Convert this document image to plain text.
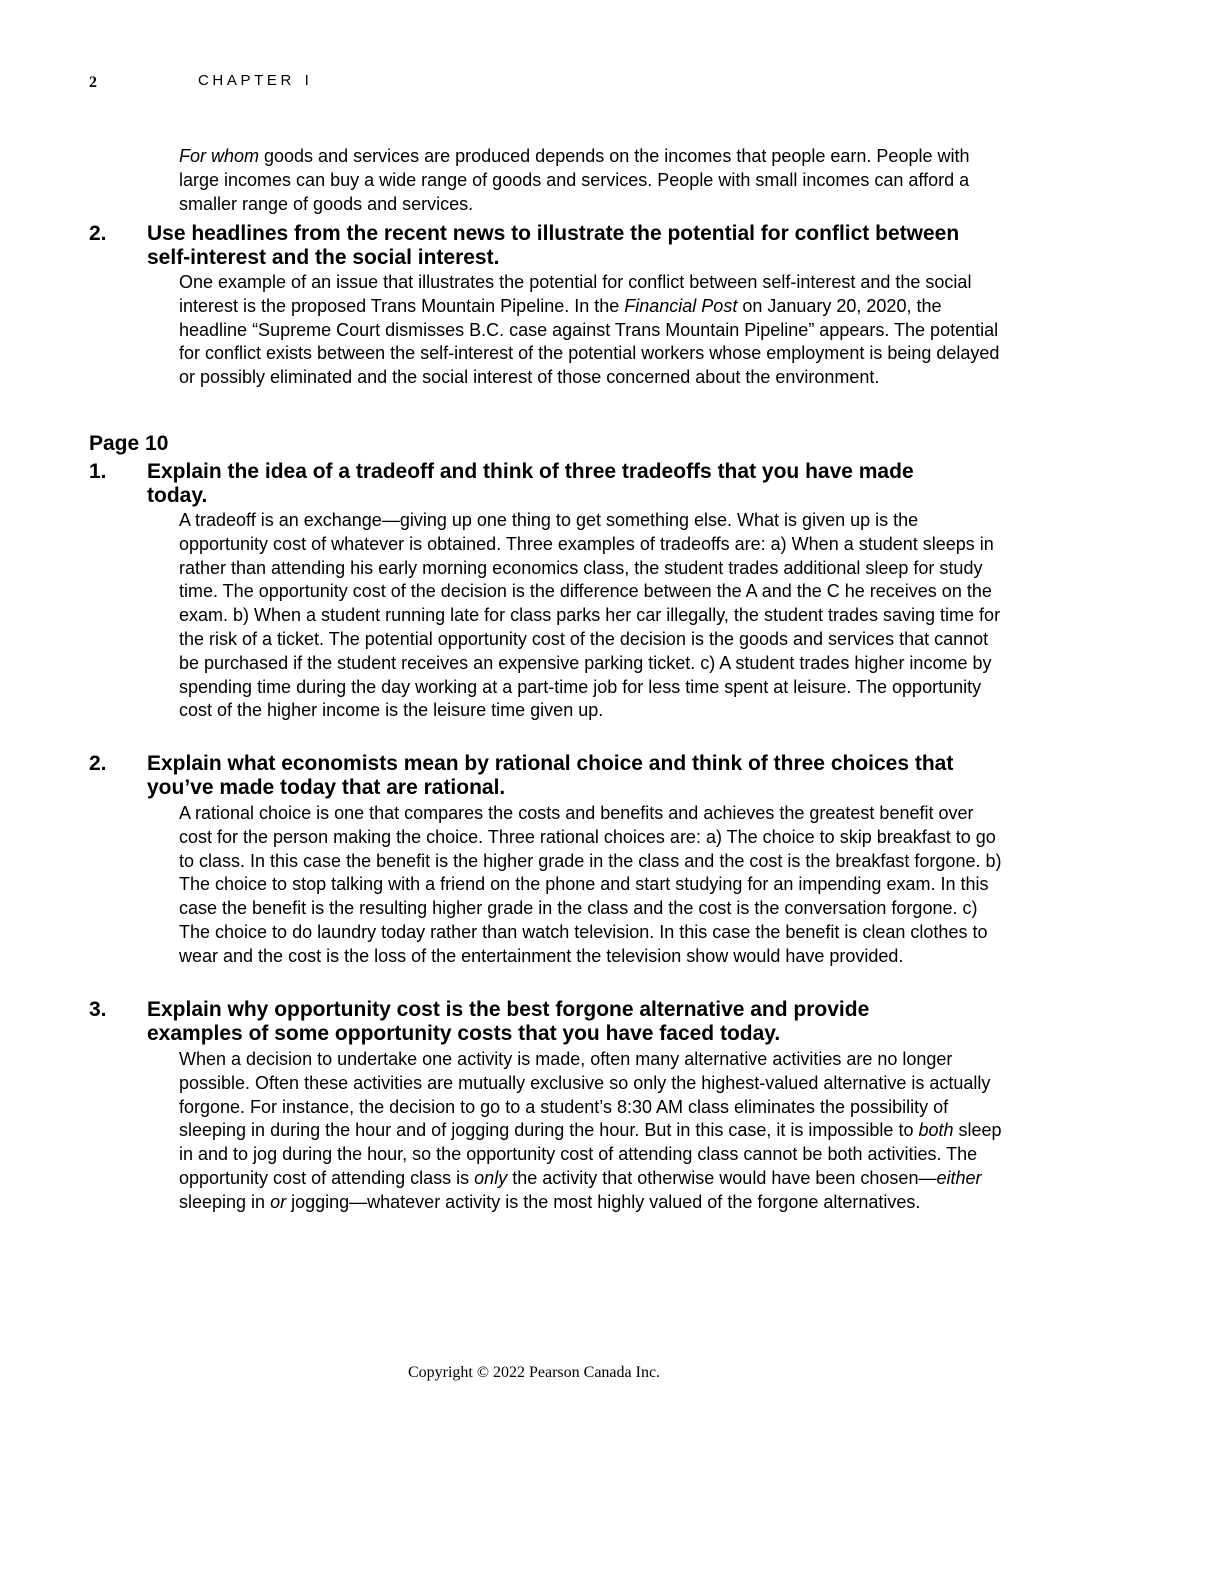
2	CHAPTER I

For whom goods and services are produced depends on the incomes that people earn. People with large incomes can buy a wide range of goods and services. People with small incomes can afford a smaller range of goods and services.

2. Use headlines from the recent news to illustrate the potential for conflict between self-interest and the social interest.

One example of an issue that illustrates the potential for conflict between self-interest and the social interest is the proposed Trans Mountain Pipeline. In the Financial Post on January 20, 2020, the headline “Supreme Court dismisses B.C. case against Trans Mountain Pipeline” appears. The potential for conflict exists between the self-interest of the potential workers whose employment is being delayed or possibly eliminated and the social interest of those concerned about the environment.

Page 10
1. Explain the idea of a tradeoff and think of three tradeoffs that you have made today.

A tradeoff is an exchange—giving up one thing to get something else. What is given up is the opportunity cost of whatever is obtained. Three examples of tradeoffs are: a) When a student sleeps in rather than attending his early morning economics class, the student trades additional sleep for study time. The opportunity cost of the decision is the difference between the A and the C he receives on the exam. b) When a student running late for class parks her car illegally, the student trades saving time for the risk of a ticket. The potential opportunity cost of the decision is the goods and services that cannot be purchased if the student receives an expensive parking ticket. c) A student trades higher income by spending time during the day working at a part-time job for less time spent at leisure. The opportunity cost of the higher income is the leisure time given up.

2. Explain what economists mean by rational choice and think of three choices that you’ve made today that are rational.

A rational choice is one that compares the costs and benefits and achieves the greatest benefit over cost for the person making the choice. Three rational choices are: a) The choice to skip breakfast to go to class. In this case the benefit is the higher grade in the class and the cost is the breakfast forgone. b) The choice to stop talking with a friend on the phone and start studying for an impending exam. In this case the benefit is the resulting higher grade in the class and the cost is the conversation forgone. c) The choice to do laundry today rather than watch television. In this case the benefit is clean clothes to wear and the cost is the loss of the entertainment the television show would have provided.

3. Explain why opportunity cost is the best forgone alternative and provide examples of some opportunity costs that you have faced today.

When a decision to undertake one activity is made, often many alternative activities are no longer possible. Often these activities are mutually exclusive so only the highest-valued alternative is actually forgone. For instance, the decision to go to a student’s 8:30 AM class eliminates the possibility of sleeping in during the hour and of jogging during the hour. But in this case, it is impossible to both sleep in and to jog during the hour, so the opportunity cost of attending class cannot be both activities. The opportunity cost of attending class is only the activity that otherwise would have been chosen—either sleeping in or jogging—whatever activity is the most highly valued of the forgone alternatives.

Copyright © 2022 Pearson Canada Inc.
